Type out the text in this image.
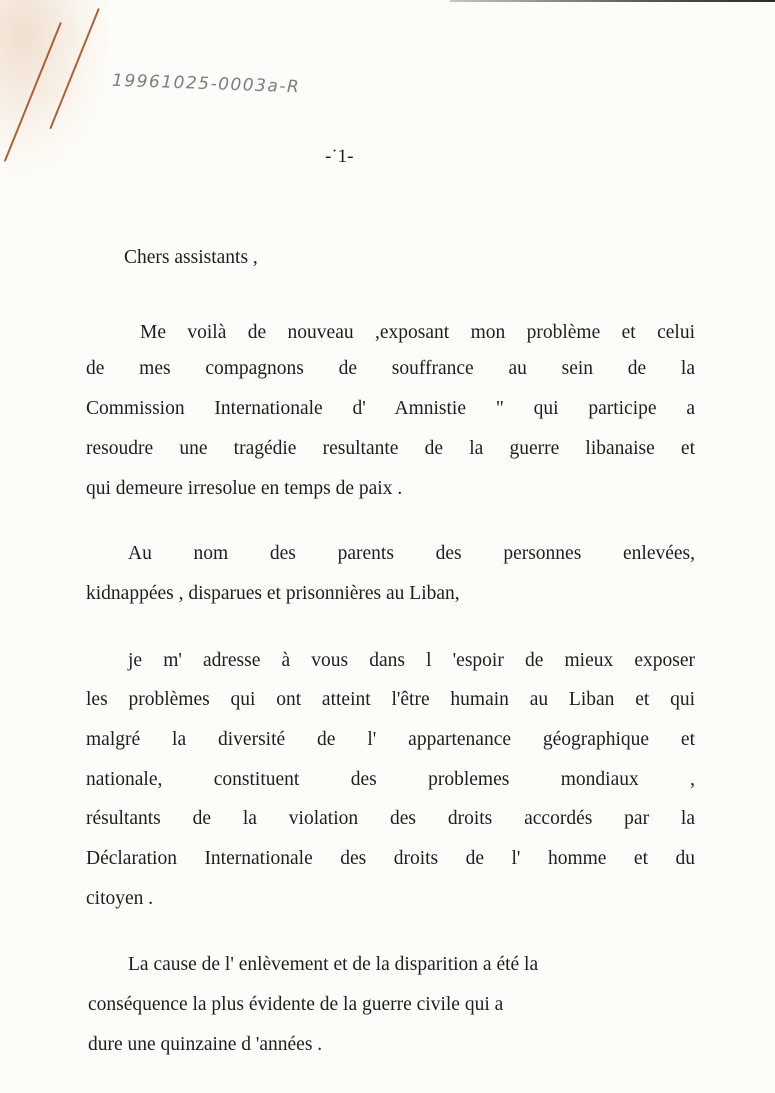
19961025-0003a-R
-˙1-
Chers assistants ,
Me voilà de nouveau ,exposant mon problème et celui
de mes compagnons de souffrance au sein de la
Commission Internationale d' Amnistie " qui participe a
resoudre une tragédie resultante de la guerre libanaise et
qui demeure irresolue en temps de paix .
Au nom des parents des personnes enlevées,
kidnappées , disparues et prisonnières au Liban,
je m' adresse à vous dans l 'espoir de mieux exposer
les problèmes qui ont atteint l'être humain au Liban et qui
malgré la diversité de l' appartenance géographique et
nationale, constituent des problemes mondiaux ,
résultants de la violation des droits accordés par la
Déclaration Internationale des droits de l' homme et du
citoyen .
La cause de l' enlèvement et de la disparition a été la
conséquence la plus évidente de la guerre civile qui a
dure une quinzaine d 'années .
